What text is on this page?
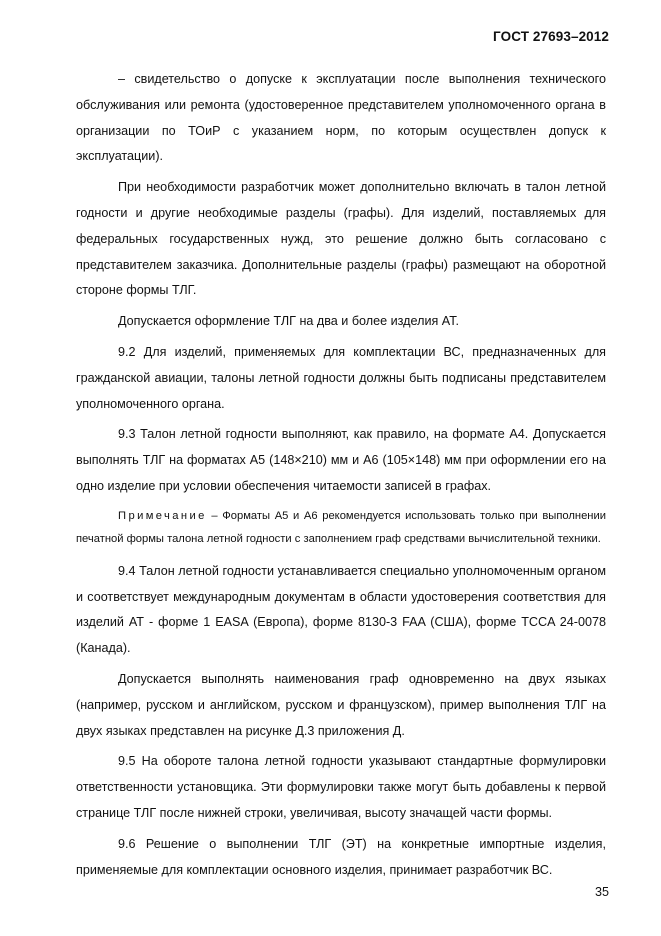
ГОСТ 27693–2012

– свидетельство о допуске к эксплуатации после выполнения технического обслуживания или ремонта (удостоверенное представителем уполномоченного органа в организации по ТОиР с указанием норм, по которым осуществлен допуск к эксплуатации).

При необходимости разработчик может дополнительно включать в талон летной годности и другие необходимые разделы (графы). Для изделий, поставляемых для федеральных государственных нужд, это решение должно быть согласовано с представителем заказчика. Дополнительные разделы (графы) размещают на оборотной стороне формы ТЛГ.

Допускается оформление ТЛГ на два и более изделия АТ.

9.2 Для изделий, применяемых для комплектации ВС, предназначенных для гражданской авиации, талоны летной годности должны быть подписаны представителем уполномоченного органа.

9.3 Талон летной годности выполняют, как правило, на формате А4. Допускается выполнять ТЛГ на форматах А5 (148×210) мм и А6 (105×148) мм при оформлении его на одно изделие при условии обеспечения читаемости записей в графах.

Примечание – Форматы А5 и А6 рекомендуется использовать только при выполнении печатной формы талона летной годности с заполнением граф средствами вычислительной техники.

9.4 Талон летной годности устанавливается специально уполномоченным органом и соответствует международным документам в области удостоверения соответствия для изделий АТ - форме 1 EASA (Европа), форме 8130-3 FAA (США), форме TCCA 24-0078 (Канада).

Допускается выполнять наименования граф одновременно на двух языках (например, русском и английском, русском и французском), пример выполнения ТЛГ на двух языках представлен на рисунке Д.3 приложения Д.

9.5 На обороте талона летной годности указывают стандартные формулировки ответственности установщика. Эти формулировки также могут быть добавлены к первой странице ТЛГ после нижней строки, увеличивая, высоту значащей части формы.

9.6 Решение о выполнении ТЛГ (ЭТ) на конкретные импортные изделия, применяемые для комплектации основного изделия, принимает разработчик ВС.

35
